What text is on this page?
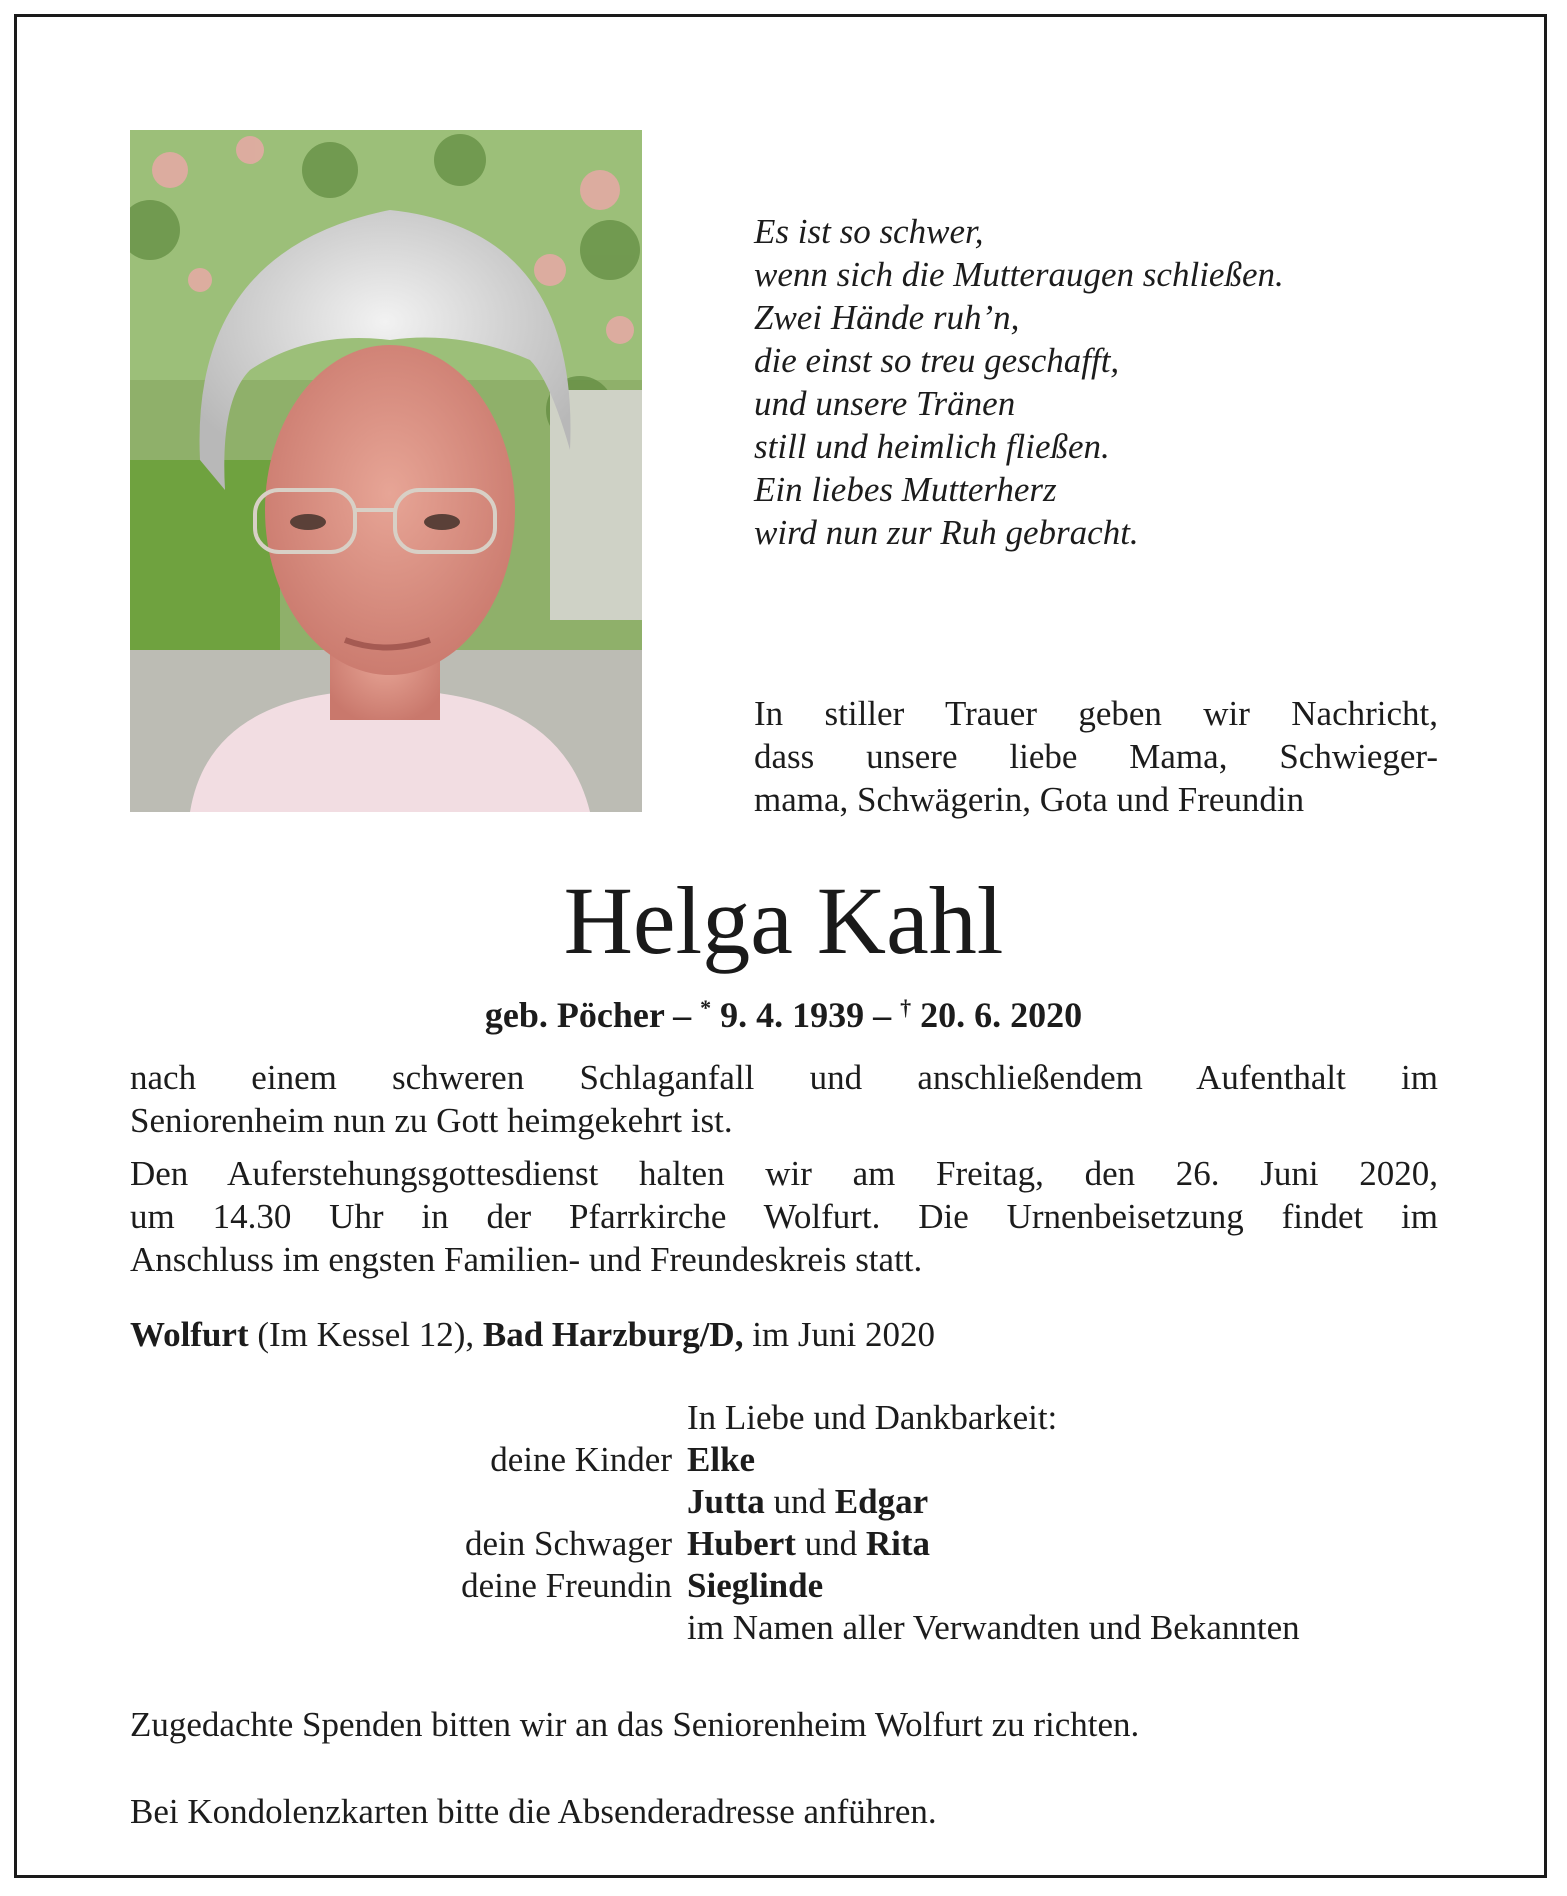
Es ist so schwer,
wenn sich die Mutteraugen schließen.
Zwei Hände ruh’n,
die einst so treu geschafft,
und unsere Tränen
still und heimlich fließen.
Ein liebes Mutterherz
wird nun zur Ruh gebracht.
In stiller Trauer geben wir Nachricht,
dass unsere liebe Mama, Schwieger-
mama, Schwägerin, Gota und Freundin
Helga Kahl
geb. Pöcher – * 9. 4. 1939 – † 20. 6. 2020
nach einem schweren Schlaganfall und anschließendem Aufenthalt im
Seniorenheim nun zu Gott heimgekehrt ist.
Den Auferstehungsgottesdienst halten wir am Freitag, den 26. Juni 2020,
um 14.30 Uhr in der Pfarrkirche Wolfurt. Die Urnenbeisetzung findet im
Anschluss im engsten Familien- und Freundeskreis statt.
Wolfurt (Im Kessel 12), Bad Harzburg/D, im Juni 2020
In Liebe und Dankbarkeit:
deine Kinder Elke
Jutta und Edgar
dein Schwager Hubert und Rita
deine Freundin Sieglinde
im Namen aller Verwandten und Bekannten
Zugedachte Spenden bitten wir an das Seniorenheim Wolfurt zu richten.
Bei Kondolenzkarten bitte die Absenderadresse anführen.
